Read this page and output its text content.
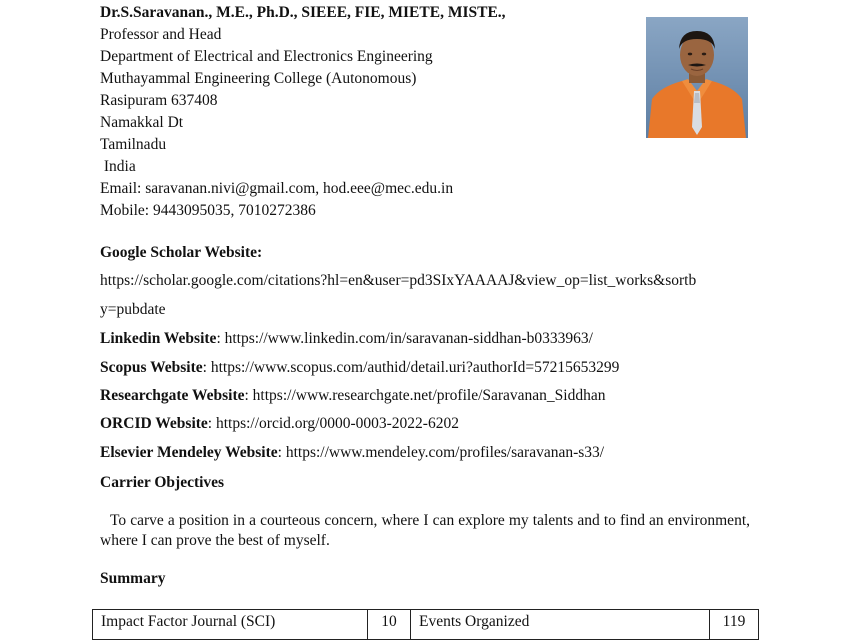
Dr.S.Saravanan., M.E., Ph.D., SIEEE, FIE, MIETE, MISTE.,
Professor and Head
Department of Electrical and Electronics Engineering
Muthayammal Engineering College (Autonomous)
Rasipuram 637408
Namakkal Dt
Tamilnadu
India
Email: saravanan.nivi@gmail.com, hod.eee@mec.edu.in
Mobile: 9443095035, 7010272386
Google Scholar Website:
https://scholar.google.com/citations?hl=en&user=pd3SIxYAAAAJ&view_op=list_works&sortb
y=pubdate
Linkedin Website: https://www.linkedin.com/in/saravanan-siddhan-b0333963/
Scopus Website: https://www.scopus.com/authid/detail.uri?authorId=57215653299
Researchgate Website: https://www.researchgate.net/profile/Saravanan_Siddhan
ORCID Website: https://orcid.org/0000-0003-2022-6202
Elsevier Mendeley Website: https://www.mendeley.com/profiles/saravanan-s33/
Carrier Objectives
To carve a position in a courteous concern, where I can explore my talents and to find an environment, where I can prove the best of myself.
Summary
Impact Factor Journal (SCI)	10	Events Organized	119
